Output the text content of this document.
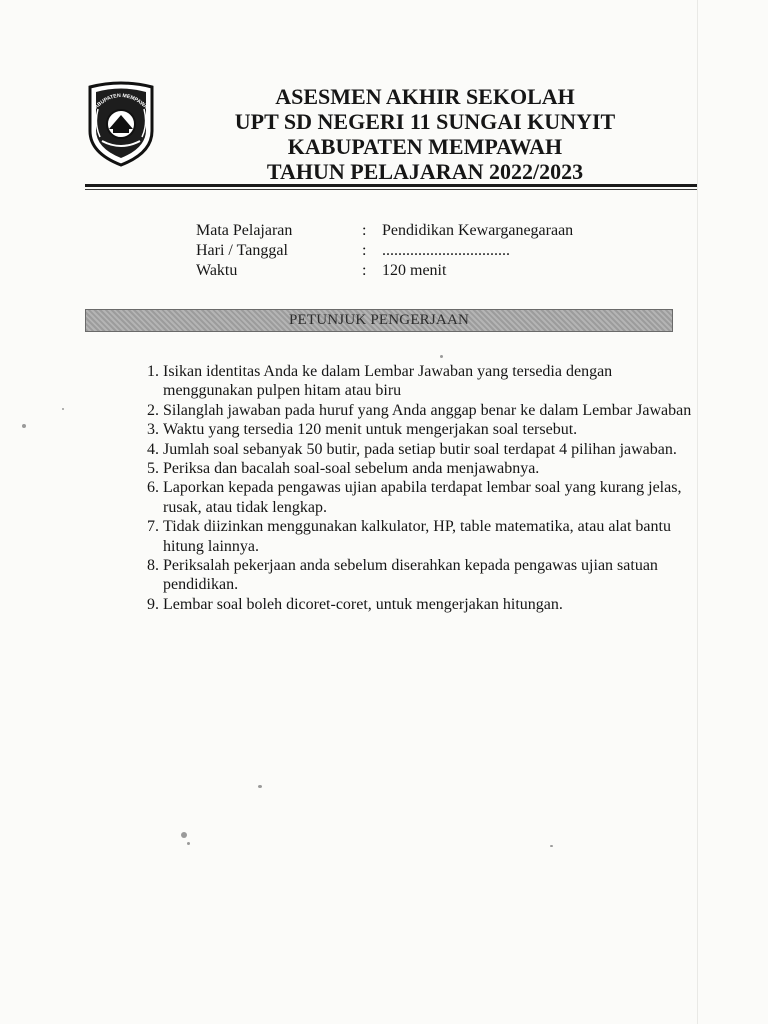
ABUPATEN MEMPAWA	ASESMEN AKHIR SEKOLAH
UPT SD NEGERI 11 SUNGAI KUNYIT
KABUPATEN MEMPAWAH
TAHUN PELAJARAN 2022/2023
Mata Pelajaran	: Pendidikan Kewarganegaraan
Hari / Tanggal	: ................................
Waktu	: 120 menit
PETUNJUK PENGERJAAN
1. Isikan identitas Anda ke dalam Lembar Jawaban yang tersedia dengan menggunakan pulpen hitam atau biru
2. Silanglah jawaban pada huruf yang Anda anggap benar ke dalam Lembar Jawaban
3. Waktu yang tersedia 120 menit untuk mengerjakan soal tersebut.
4. Jumlah soal sebanyak 50 butir, pada setiap butir soal terdapat 4 pilihan jawaban.
5. Periksa dan bacalah soal-soal sebelum anda menjawabnya.
6. Laporkan kepada pengawas ujian apabila terdapat lembar soal yang kurang jelas, rusak, atau tidak lengkap.
7. Tidak diizinkan menggunakan kalkulator, HP, table matematika, atau alat bantu hitung lainnya.
8. Periksalah pekerjaan anda sebelum diserahkan kepada pengawas ujian satuan pendidikan.
9. Lembar soal boleh dicoret-coret, untuk mengerjakan hitungan.
